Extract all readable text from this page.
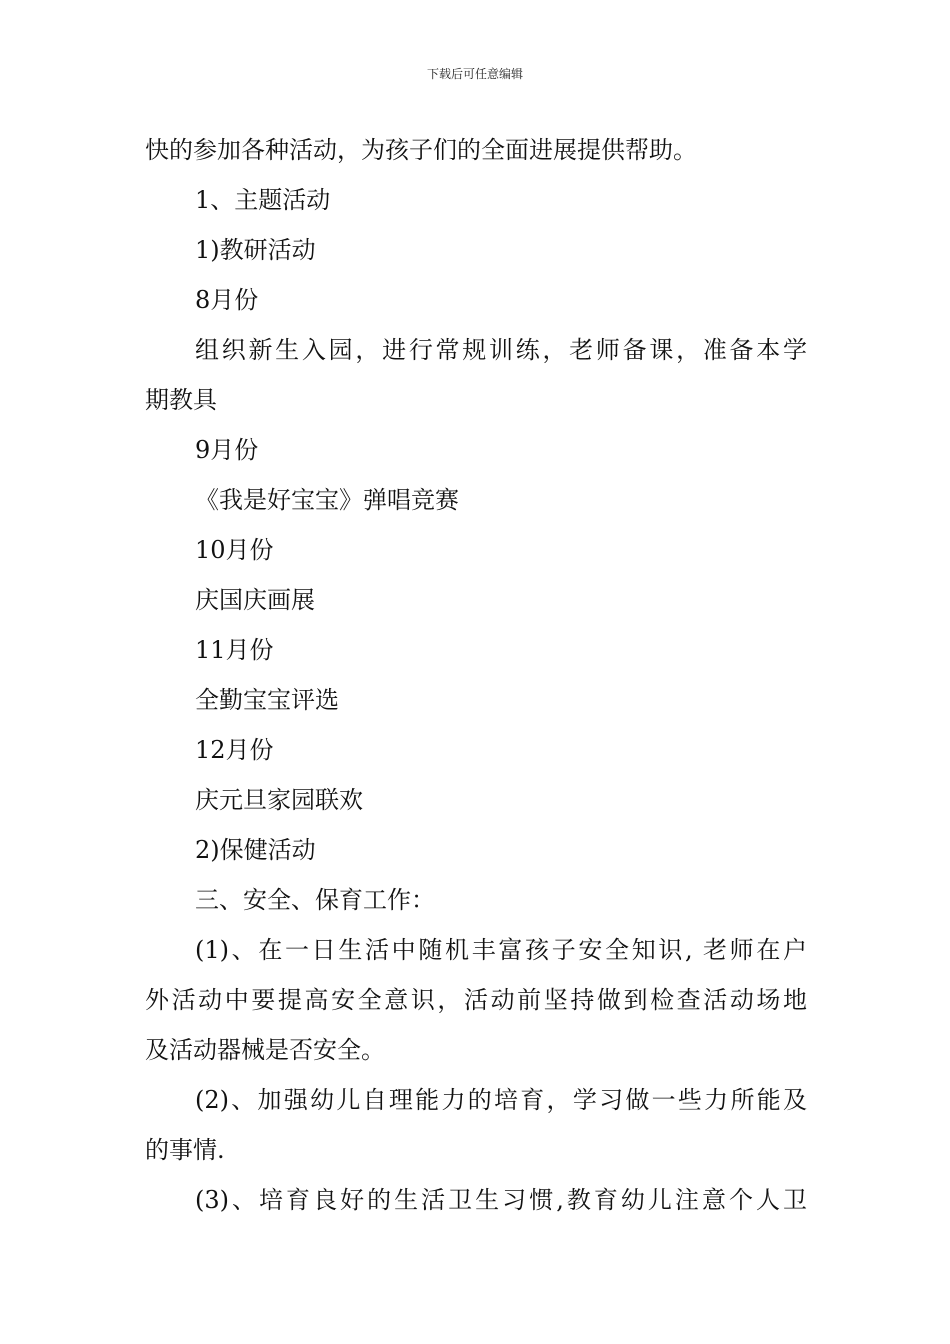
下载后可任意编辑
快的参加各种活动，为孩子们的全面进展提供帮助。
1、主题活动
1)教研活动
8月份
组织新生入园，进行常规训练，老师备课，准备本学
期教具
9月份
《我是好宝宝》弹唱竞赛
10月份
庆国庆画展
11月份
全勤宝宝评选
12月份
庆元旦家园联欢
2)保健活动
三、安全、保育工作：
(1)、在一日生活中随机丰富孩子安全知识, 老师在户
外活动中要提高安全意识，活动前坚持做到检查活动场地
及活动器械是否安全。
(2)、加强幼儿自理能力的培育，学习做一些力所能及
的事情.
(3)、培育良好的生活卫生习惯,教育幼儿注意个人卫
